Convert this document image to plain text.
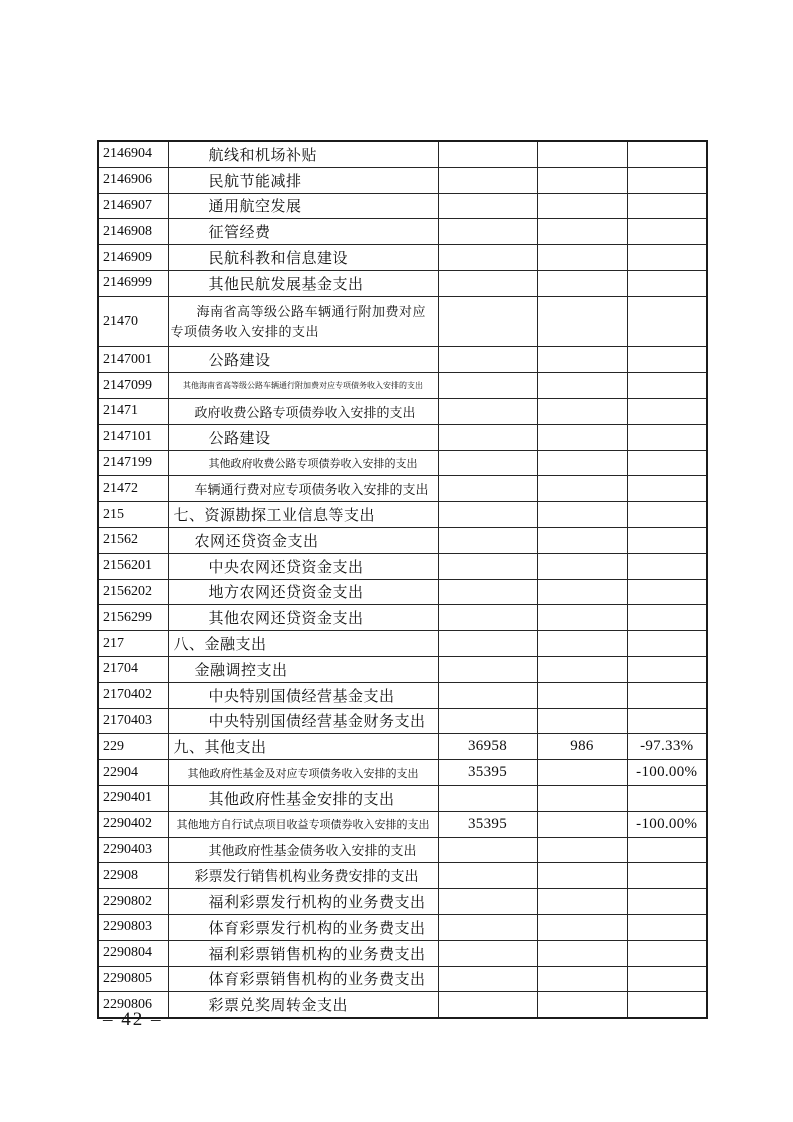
2146904	航线和机场补贴			
2146906	民航节能减排			
2146907	通用航空发展			
2146908	征管经费			
2146909	民航科教和信息建设			
2146999	其他民航发展基金支出			
21470	海南省高等级公路车辆通行附加费对应专项债务收入安排的支出			
2147001	公路建设			
2147099	其他海南省高等级公路车辆通行附加费对应专项债务收入安排的支出			
21471	政府收费公路专项债券收入安排的支出			
2147101	公路建设			
2147199	其他政府收费公路专项债券收入安排的支出			
21472	车辆通行费对应专项债务收入安排的支出			
215	七、资源勘探工业信息等支出			
21562	农网还贷资金支出			
2156201	中央农网还贷资金支出			
2156202	地方农网还贷资金支出			
2156299	其他农网还贷资金支出			
217	八、金融支出			
21704	金融调控支出			
2170402	中央特别国债经营基金支出			
2170403	中央特别国债经营基金财务支出			
229	九、其他支出	36958	986	-97.33%
22904	其他政府性基金及对应专项债务收入安排的支出	35395		-100.00%
2290401	其他政府性基金安排的支出			
2290402	其他地方自行试点项目收益专项债券收入安排的支出	35395		-100.00%
2290403	其他政府性基金债务收入安排的支出			
22908	彩票发行销售机构业务费安排的支出			
2290802	福利彩票发行机构的业务费支出			
2290803	体育彩票发行机构的业务费支出			
2290804	福利彩票销售机构的业务费支出			
2290805	体育彩票销售机构的业务费支出			
2290806	彩票兑奖周转金支出			
– 42 –
